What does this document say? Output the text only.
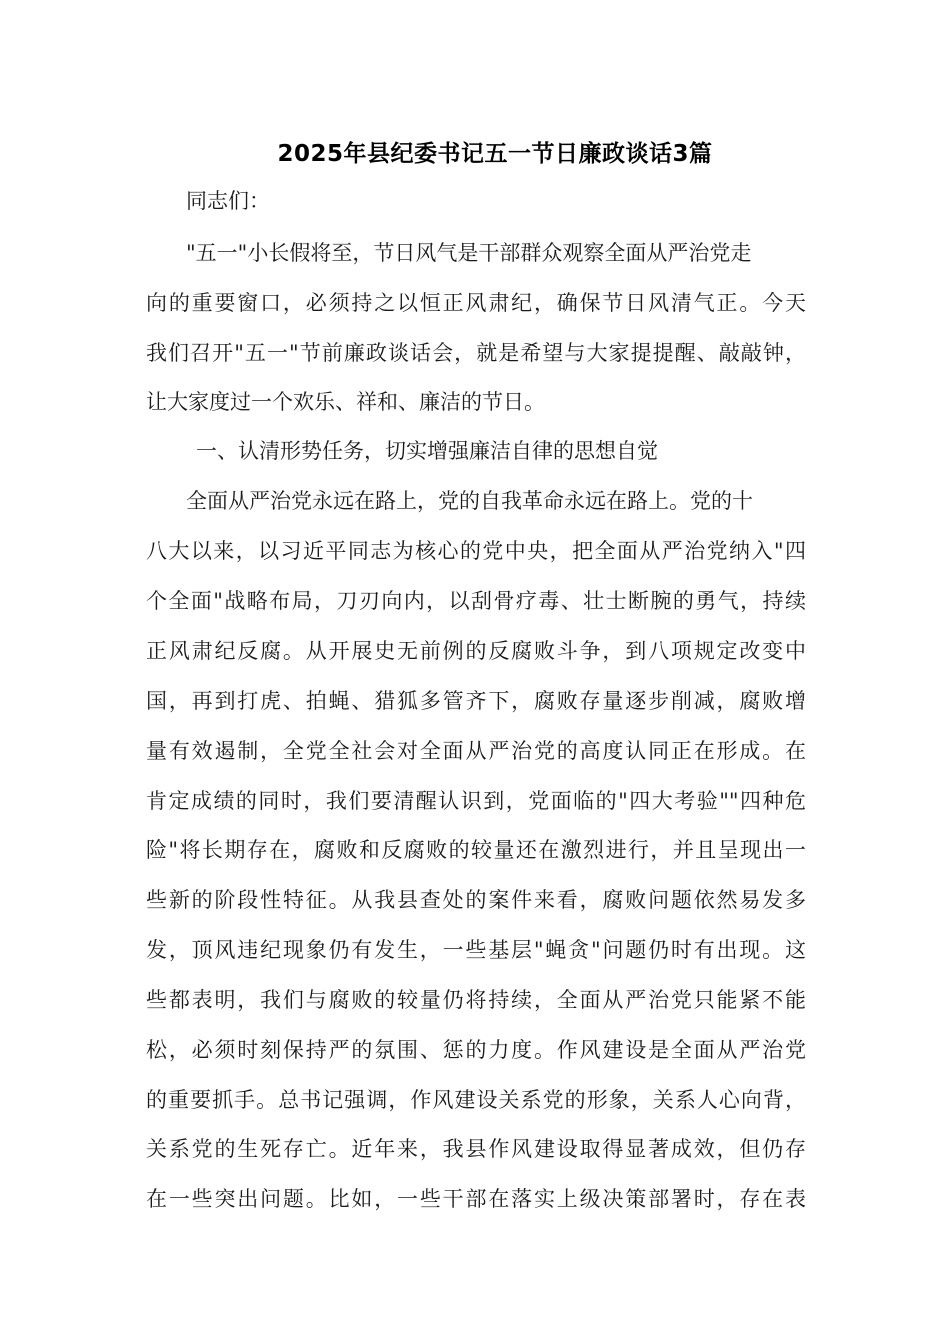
2025年县纪委书记五一节日廉政谈话3篇
同志们：
"五一"小长假将至，节日风气是干部群众观察全面从严治党走
向的重要窗口，必须持之以恒正风肃纪，确保节日风清气正。今天
我们召开"五一"节前廉政谈话会，就是希望与大家提提醒、敲敲钟，
让大家度过一个欢乐、祥和、廉洁的节日。
一、认清形势任务，切实增强廉洁自律的思想自觉
全面从严治党永远在路上，党的自我革命永远在路上。党的十
八大以来，以习近平同志为核心的党中央，把全面从严治党纳入"四
个全面"战略布局，刀刃向内，以刮骨疗毒、壮士断腕的勇气，持续
正风肃纪反腐。从开展史无前例的反腐败斗争，到八项规定改变中
国，再到打虎、拍蝇、猎狐多管齐下，腐败存量逐步削减，腐败增
量有效遏制，全党全社会对全面从严治党的高度认同正在形成。在
肯定成绩的同时，我们要清醒认识到，党面临的"四大考验""四种危
险"将长期存在，腐败和反腐败的较量还在激烈进行，并且呈现出一
些新的阶段性特征。从我县查处的案件来看，腐败问题依然易发多
发，顶风违纪现象仍有发生，一些基层"蝇贪"问题仍时有出现。这
些都表明，我们与腐败的较量仍将持续，全面从严治党只能紧不能
松，必须时刻保持严的氛围、惩的力度。作风建设是全面从严治党
的重要抓手。总书记强调，作风建设关系党的形象，关系人心向背，
关系党的生死存亡。近年来，我县作风建设取得显著成效，但仍存
在一些突出问题。比如，一些干部在落实上级决策部署时，存在表
